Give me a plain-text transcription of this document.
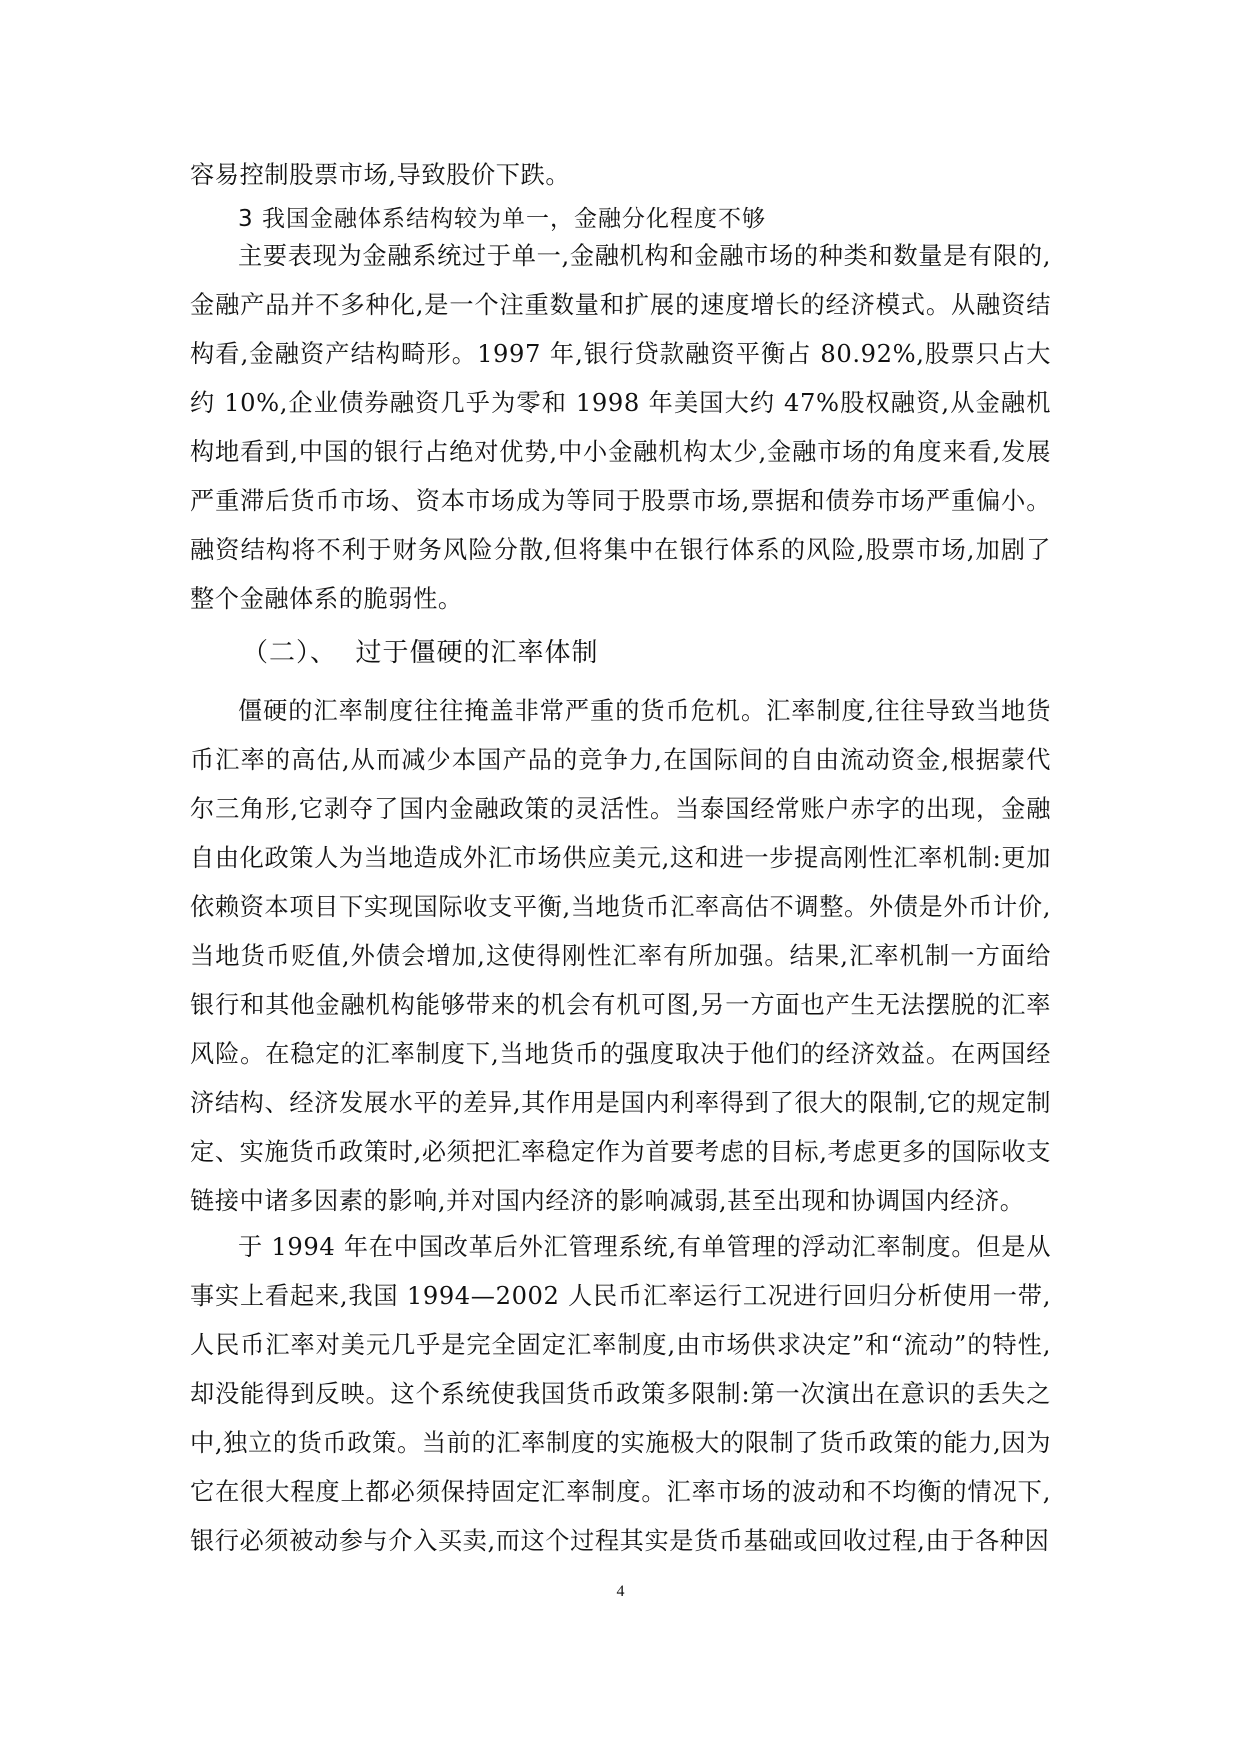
容易控制股票市场,导致股价下跌。

3 我国金融体系结构较为单一，金融分化程度不够

主要表现为金融系统过于单一,金融机构和金融市场的种类和数量是有限的,金融产品并不多种化,是一个注重数量和扩展的速度增长的经济模式。从融资结构看,金融资产结构畸形。1997 年,银行贷款融资平衡占 80.92%,股票只占大约 10%,企业债券融资几乎为零和 1998 年美国大约 47%股权融资,从金融机构地看到,中国的银行占绝对优势,中小金融机构太少,金融市场的角度来看,发展严重滞后货币市场、资本市场成为等同于股票市场,票据和债券市场严重偏小。融资结构将不利于财务风险分散,但将集中在银行体系的风险,股票市场,加剧了整个金融体系的脆弱性。

（二）、  过于僵硬的汇率体制

僵硬的汇率制度往往掩盖非常严重的货币危机。汇率制度,往往导致当地货币汇率的高估,从而减少本国产品的竞争力,在国际间的自由流动资金,根据蒙代尔三角形,它剥夺了国内金融政策的灵活性。当泰国经常账户赤字的出现，金融自由化政策人为当地造成外汇市场供应美元,这和进一步提高刚性汇率机制:更加依赖资本项目下实现国际收支平衡,当地货币汇率高估不调整。外债是外币计价,当地货币贬值,外债会增加,这使得刚性汇率有所加强。结果,汇率机制一方面给银行和其他金融机构能够带来的机会有机可图,另一方面也产生无法摆脱的汇率风险。在稳定的汇率制度下,当地货币的强度取决于他们的经济效益。在两国经济结构、经济发展水平的差异,其作用是国内利率得到了很大的限制,它的规定制定、实施货币政策时,必须把汇率稳定作为首要考虑的目标,考虑更多的国际收支链接中诸多因素的影响,并对国内经济的影响减弱,甚至出现和协调国内经济。

于 1994 年在中国改革后外汇管理系统,有单管理的浮动汇率制度。但是从事实上看起来,我国 1994—2002 人民币汇率运行工况进行回归分析使用一带,人民币汇率对美元几乎是完全固定汇率制度,由市场供求决定”和“流动”的特性,却没能得到反映。这个系统使我国货币政策多限制:第一次演出在意识的丢失之中,独立的货币政策。当前的汇率制度的实施极大的限制了货币政策的能力,因为它在很大程度上都必须保持固定汇率制度。汇率市场的波动和不均衡的情况下,银行必须被动参与介入买卖,而这个过程其实是货币基础或回收过程,由于各种因

4
